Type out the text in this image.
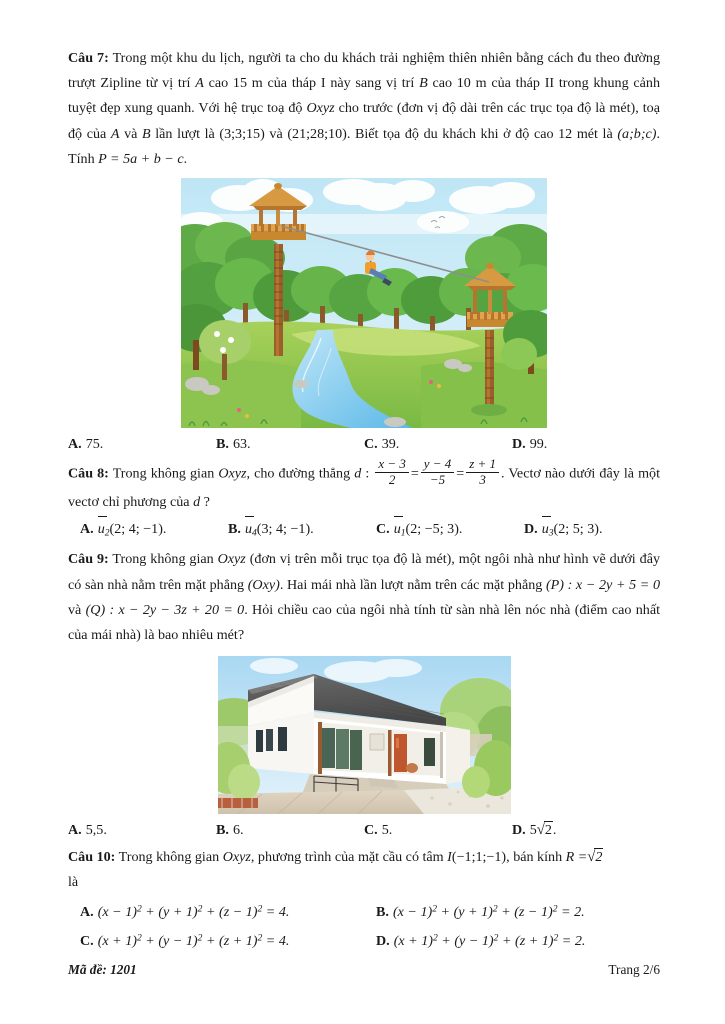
Câu 7: Trong một khu du lịch, người ta cho du khách trải nghiệm thiên nhiên bằng cách đu theo đường trượt Zipline từ vị trí A cao 15 m của tháp I này sang vị trí B cao 10 m của tháp II trong khung cảnh tuyệt đẹp xung quanh. Với hệ trục toạ độ Oxyz cho trước (đơn vị độ dài trên các trục tọa độ là mét), toạ độ của A và B lần lượt là (3;3;15) và (21;28;10). Biết tọa độ du khách khi ở độ cao 12 mét là (a;b;c). Tính P = 5a + b − c.
A. 75.	B. 63.	C. 39.	D. 99.
Câu 8: Trong không gian Oxyz, cho đường thẳng d : $\frac{x - 3}{2} = \frac{y - 4}{-5} = \frac{z + 1}{3}$ . Vectơ nào dưới đây là một vectơ chỉ phương của d ?
A. $u_2(2$; 4; −1).	B. $u_4(3$; 4; −1).	C. $u_1(2$; −5; 3).	D. $u_3(2$; 5; 3).
Câu 9: Trong không gian Oxyz (đơn vị trên mỗi trục tọa độ là mét), một ngôi nhà như hình vẽ dưới đây có sàn nhà nằm trên mặt phẳng (Oxy). Hai mái nhà lần lượt nằm trên các mặt phẳng (P) : x − 2y + 5 = 0 và (Q) : x − 2y − 3z + 20 = 0. Hỏi chiều cao của ngôi nhà tính từ sàn nhà lên nóc nhà (điểm cao nhất của mái nhà) là bao nhiêu mét?
A. 5,5.	B. 6.	C. 5.	D. 5√2.
Câu 10: Trong không gian Oxyz, phương trình của mặt cầu có tâm I(−1;1;−1), bán kính R =√2
là
A. $(x - 1)^2 + (y + 1)^2 + (z - 1)^2 = 4$.	B. $(x - 1)^2 + (y + 1)^2 + (z - 1)^2 = 2$.
C. $(x + 1)^2 + (y - 1)^2 + (z + 1)^2 = 4$.	D. $(x + 1)^2 + (y - 1)^2 + (z + 1)^2 = 2$.
Mã đề: 1201	Trang 2/6
